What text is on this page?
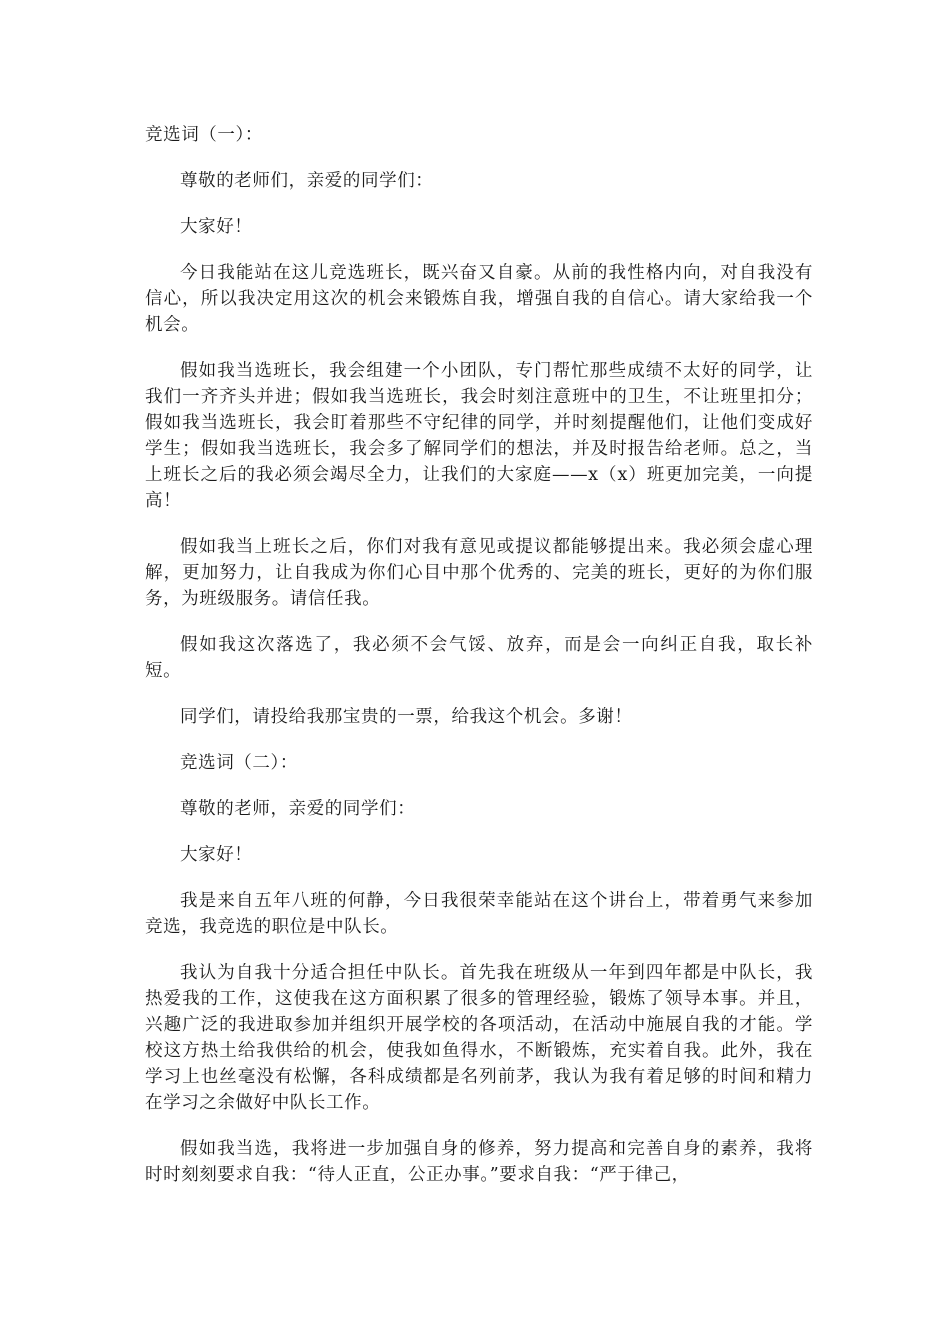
竞选词（一）：

尊敬的老师们，亲爱的同学们：

大家好！

今日我能站在这儿竞选班长，既兴奋又自豪。从前的我性格内向，对自我没有信心，所以我决定用这次的机会来锻炼自我，增强自我的自信心。请大家给我一个机会。

假如我当选班长，我会组建一个小团队，专门帮忙那些成绩不太好的同学，让我们一齐齐头并进；假如我当选班长，我会时刻注意班中的卫生，不让班里扣分；假如我当选班长，我会盯着那些不守纪律的同学，并时刻提醒他们，让他们变成好学生；假如我当选班长，我会多了解同学们的想法，并及时报告给老师。总之，当上班长之后的我必须会竭尽全力，让我们的大家庭——x（x）班更加完美，一向提高！

假如我当上班长之后，你们对我有意见或提议都能够提出来。我必须会虚心理解，更加努力，让自我成为你们心目中那个优秀的、完美的班长，更好的为你们服务，为班级服务。请信任我。

假如我这次落选了，我必须不会气馁、放弃，而是会一向纠正自我，取长补短。

同学们，请投给我那宝贵的一票，给我这个机会。多谢！

竞选词（二）：

尊敬的老师，亲爱的同学们：

大家好！

我是来自五年八班的何静，今日我很荣幸能站在这个讲台上，带着勇气来参加竞选，我竞选的职位是中队长。

我认为自我十分适合担任中队长。首先我在班级从一年到四年都是中队长，我热爱我的工作，这使我在这方面积累了很多的管理经验，锻炼了领导本事。并且，兴趣广泛的我进取参加并组织开展学校的各项活动，在活动中施展自我的才能。学校这方热土给我供给的机会，使我如鱼得水，不断锻炼，充实着自我。此外，我在学习上也丝毫没有松懈，各科成绩都是名列前茅，我认为我有着足够的时间和精力在学习之余做好中队长工作。

假如我当选，我将进一步加强自身的修养，努力提高和完善自身的素养，我将时时刻刻要求自我：“待人正直，公正办事。”要求自我：“严于律己，
